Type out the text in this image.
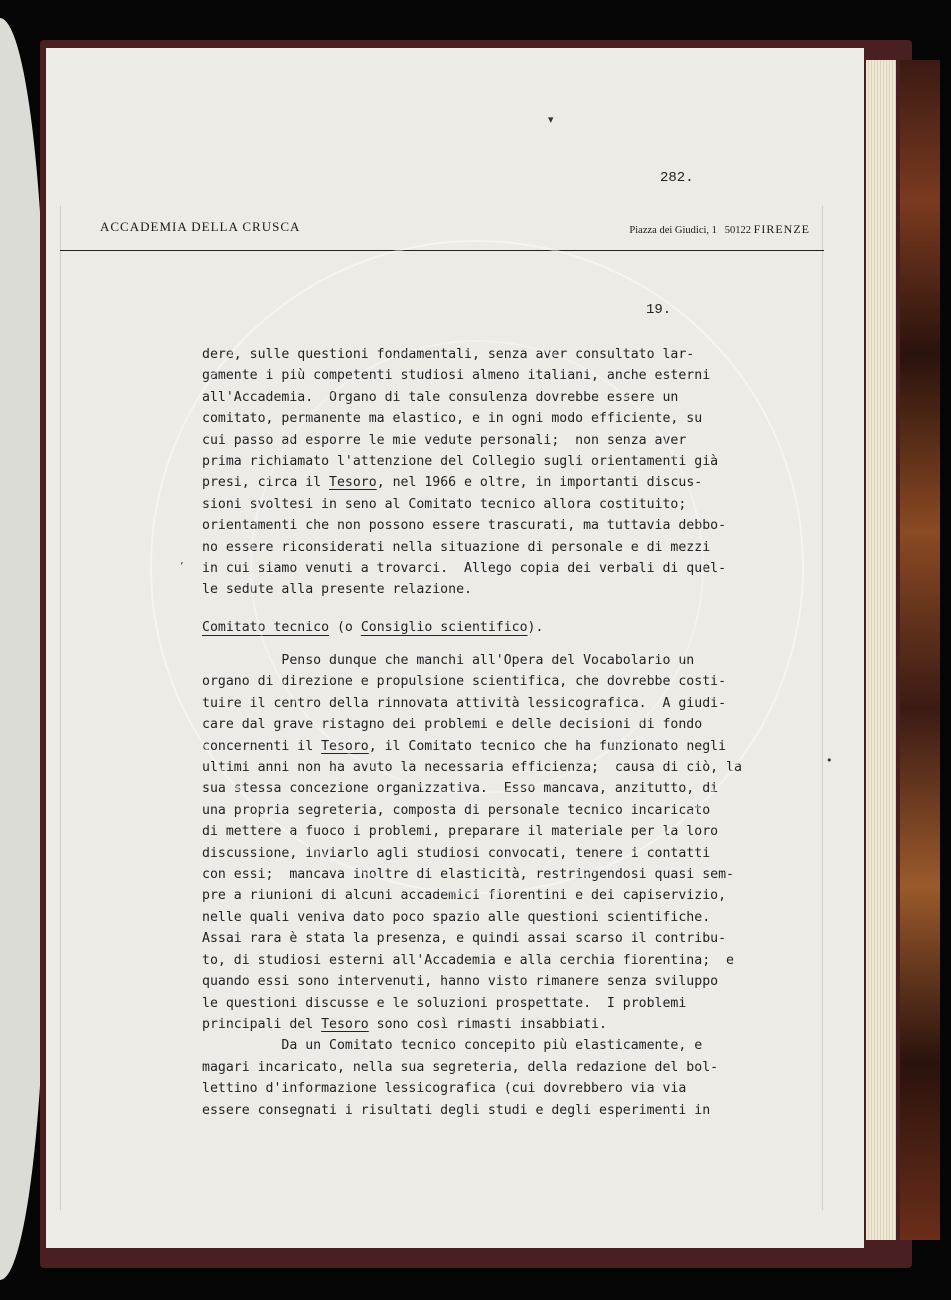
282.
ACCADEMIA DELLA CRUSCA	Piazza dei Giudici, 1 50122 FIRENZE
19.
dere, sulle questioni fondamentali, senza aver consultato lar-
gamente i più competenti studiosi almeno italiani, anche esterni
all'Accademia.  Organo di tale consulenza dovrebbe essere un
comitato, permanente ma elastico, e in ogni modo efficiente, su
cui passo ad esporre le mie vedute personali;  non senza aver
prima richiamato l'attenzione del Collegio sugli orientamenti già
presi, circa il Tesoro, nel 1966 e oltre, in importanti discus-
sioni svoltesi in seno al Comitato tecnico allora costituito;
orientamenti che non possono essere trascurati, ma tuttavia debbo-
no essere riconsiderati nella situazione di personale e di mezzi
in cui siamo venuti a trovarci.  Allego copia dei verbali di quel-
le sedute alla presente relazione.
Comitato tecnico (o Consiglio scientifico).
Penso dunque che manchi all'Opera del Vocabolario un
organo di direzione e propulsione scientifica, che dovrebbe costi-
tuire il centro della rinnovata attività lessicografica.  A giudi-
care dal grave ristagno dei problemi e delle decisioni di fondo
concernenti il Tesoro, il Comitato tecnico che ha funzionato negli
ultimi anni non ha avuto la necessaria efficienza;  causa di ciò, la
sua stessa concezione organizzativa.  Esso mancava, anzitutto, di
una propria segreteria, composta di personale tecnico incaricato
di mettere a fuoco i problemi, preparare il materiale per la loro
discussione, inviarlo agli studiosi convocati, tenere i contatti
con essi;  mancava inoltre di elasticità, restringendosi quasi sem-
pre a riunioni di alcuni accademici fiorentini e dei capiservizio,
nelle quali veniva dato poco spazio alle questioni scientifiche.
Assai rara è stata la presenza, e quindi assai scarso il contribu-
to, di studiosi esterni all'Accademia e alla cerchia fiorentina;  e
quando essi sono intervenuti, hanno visto rimanere senza sviluppo
le questioni discusse e le soluzioni prospettate.  I problemi
principali del Tesoro sono così rimasti insabbiati.
Da un Comitato tecnico concepito più elasticamente, e
magari incaricato, nella sua segreteria, della redazione del bol-
lettino d'informazione lessicografica (cui dovrebbero via via
essere consegnati i risultati degli studi e degli esperimenti in
▾
ʼ
•
